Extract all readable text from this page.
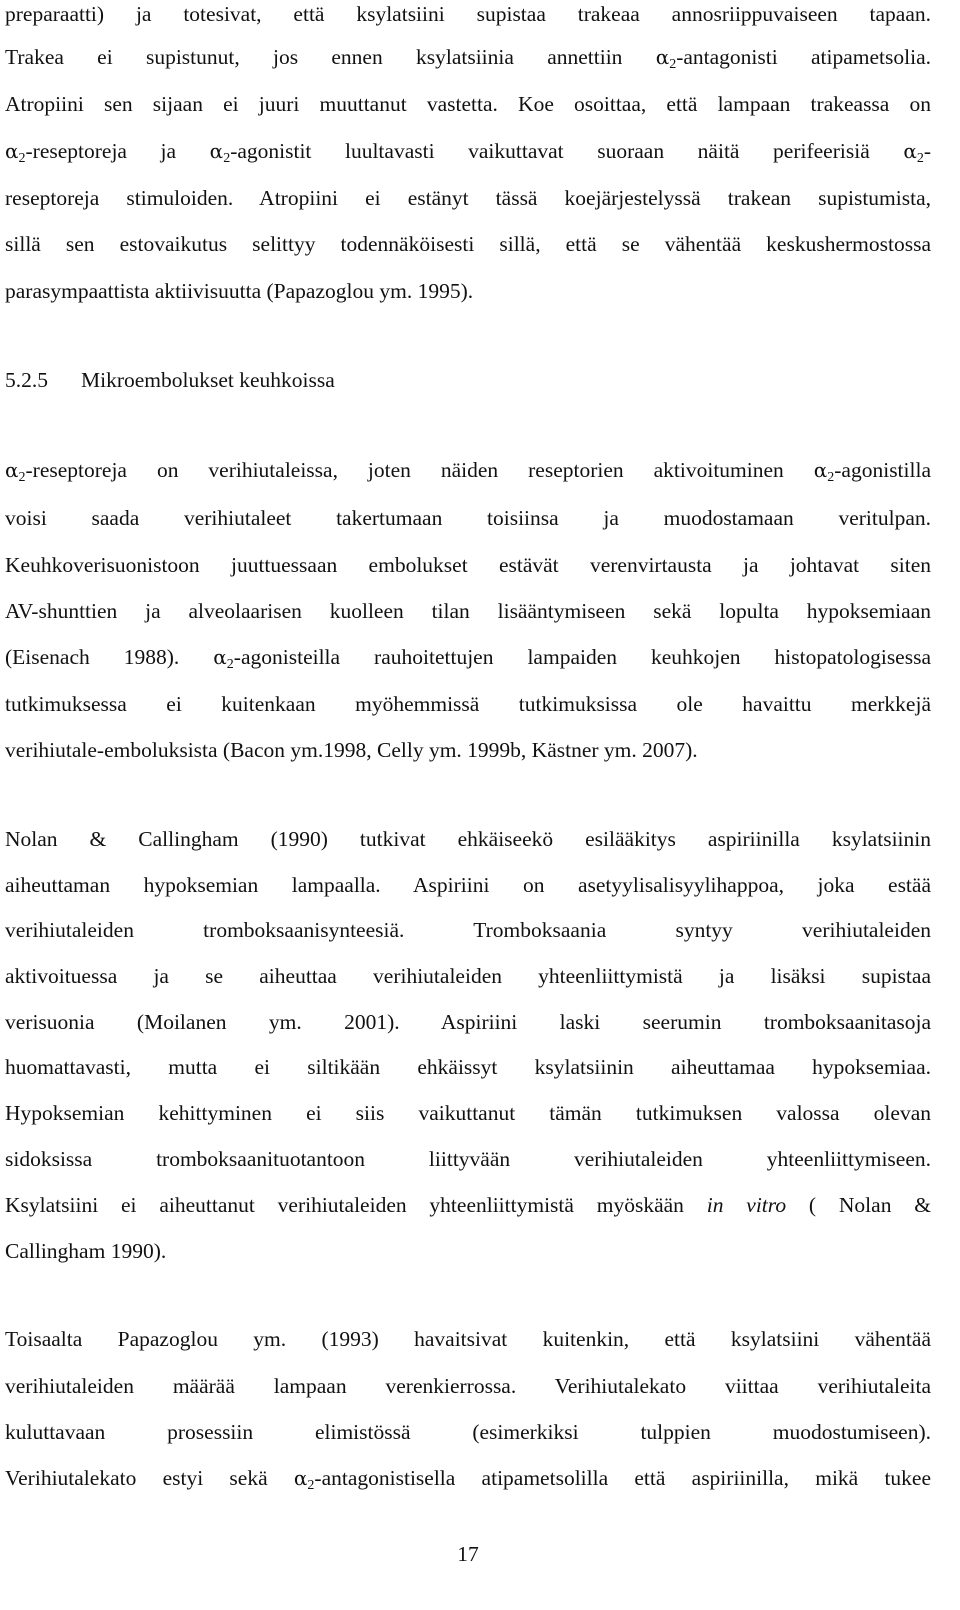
preparaatti) ja totesivat, että ksylatsiini supistaa trakeaa annosriippuvaiseen tapaan.
Trakea ei supistunut, jos ennen ksylatsiinia annettiin $\alpha_2$-antagonisti atipametsolia.
Atropiini sen sijaan ei juuri muuttanut vastetta. Koe osoittaa, että lampaan trakeassa on
$\alpha_2$-reseptoreja ja $\alpha_2$-agonistit luultavasti vaikuttavat suoraan näitä perifeerisiä $\alpha_2-$
reseptoreja stimuloiden. Atropiini ei estänyt tässä koejärjestelyssä trakean supistumista,
sillä sen estovaikutus selittyy todennäköisesti sillä, että se vähentää keskushermostossa
parasympaattista aktiivisuutta (Papazoglou ym. 1995).
5.2.5 Mikroembolukset keuhkoissa
$\alpha_2$-reseptoreja on verihiutaleissa, joten näiden reseptorien aktivoituminen $\alpha_2$-agonistilla
voisi saada verihiutaleet takertumaan toisiinsa ja muodostamaan veritulpan.
Keuhkoverisuonistoon juuttuessaan embolukset estävät verenvirtausta ja johtavat siten
AV-shunttien ja alveolaarisen kuolleen tilan lisääntymiseen sekä lopulta hypoksemiaan
(Eisenach 1988). $\alpha_2$-agonisteilla rauhoitettujen lampaiden keuhkojen histopatologisessa
tutkimuksessa ei kuitenkaan myöhemmissä tutkimuksissa ole havaittu merkkejä
verihiutale-emboluksista (Bacon ym.1998, Celly ym. 1999b, Kästner ym. 2007).
Nolan & Callingham (1990) tutkivat ehkäiseekö esilääkitys aspiriinilla ksylatsiinin
aiheuttaman hypoksemian lampaalla. Aspiriini on asetyylisalisyylihappoa, joka estää
verihiutaleiden tromboksaanisynteesiä. Tromboksaania syntyy verihiutaleiden
aktivoituessa ja se aiheuttaa verihiutaleiden yhteenliittymistä ja lisäksi supistaa
verisuonia (Moilanen ym. 2001). Aspiriini laski seerumin tromboksaanitasoja
huomattavasti, mutta ei siltikään ehkäissyt ksylatsiinin aiheuttamaa hypoksemiaa.
Hypoksemian kehittyminen ei siis vaikuttanut tämän tutkimuksen valossa olevan
sidoksissa tromboksaanituotantoon liittyvään verihiutaleiden yhteenliittymiseen.
Ksylatsiini ei aiheuttanut verihiutaleiden yhteenliittymistä myöskään in vitro ( Nolan &
Callingham 1990).
Toisaalta Papazoglou ym. (1993) havaitsivat kuitenkin, että ksylatsiini vähentää
verihiutaleiden määrää lampaan verenkierrossa. Verihiutalekato viittaa verihiutaleita
kuluttavaan prosessiin elimistössä (esimerkiksi tulppien muodostumiseen).
Verihiutalekato estyi sekä $\alpha_2$-antagonistisella atipametsolilla että aspiriinilla, mikä tukee
17
